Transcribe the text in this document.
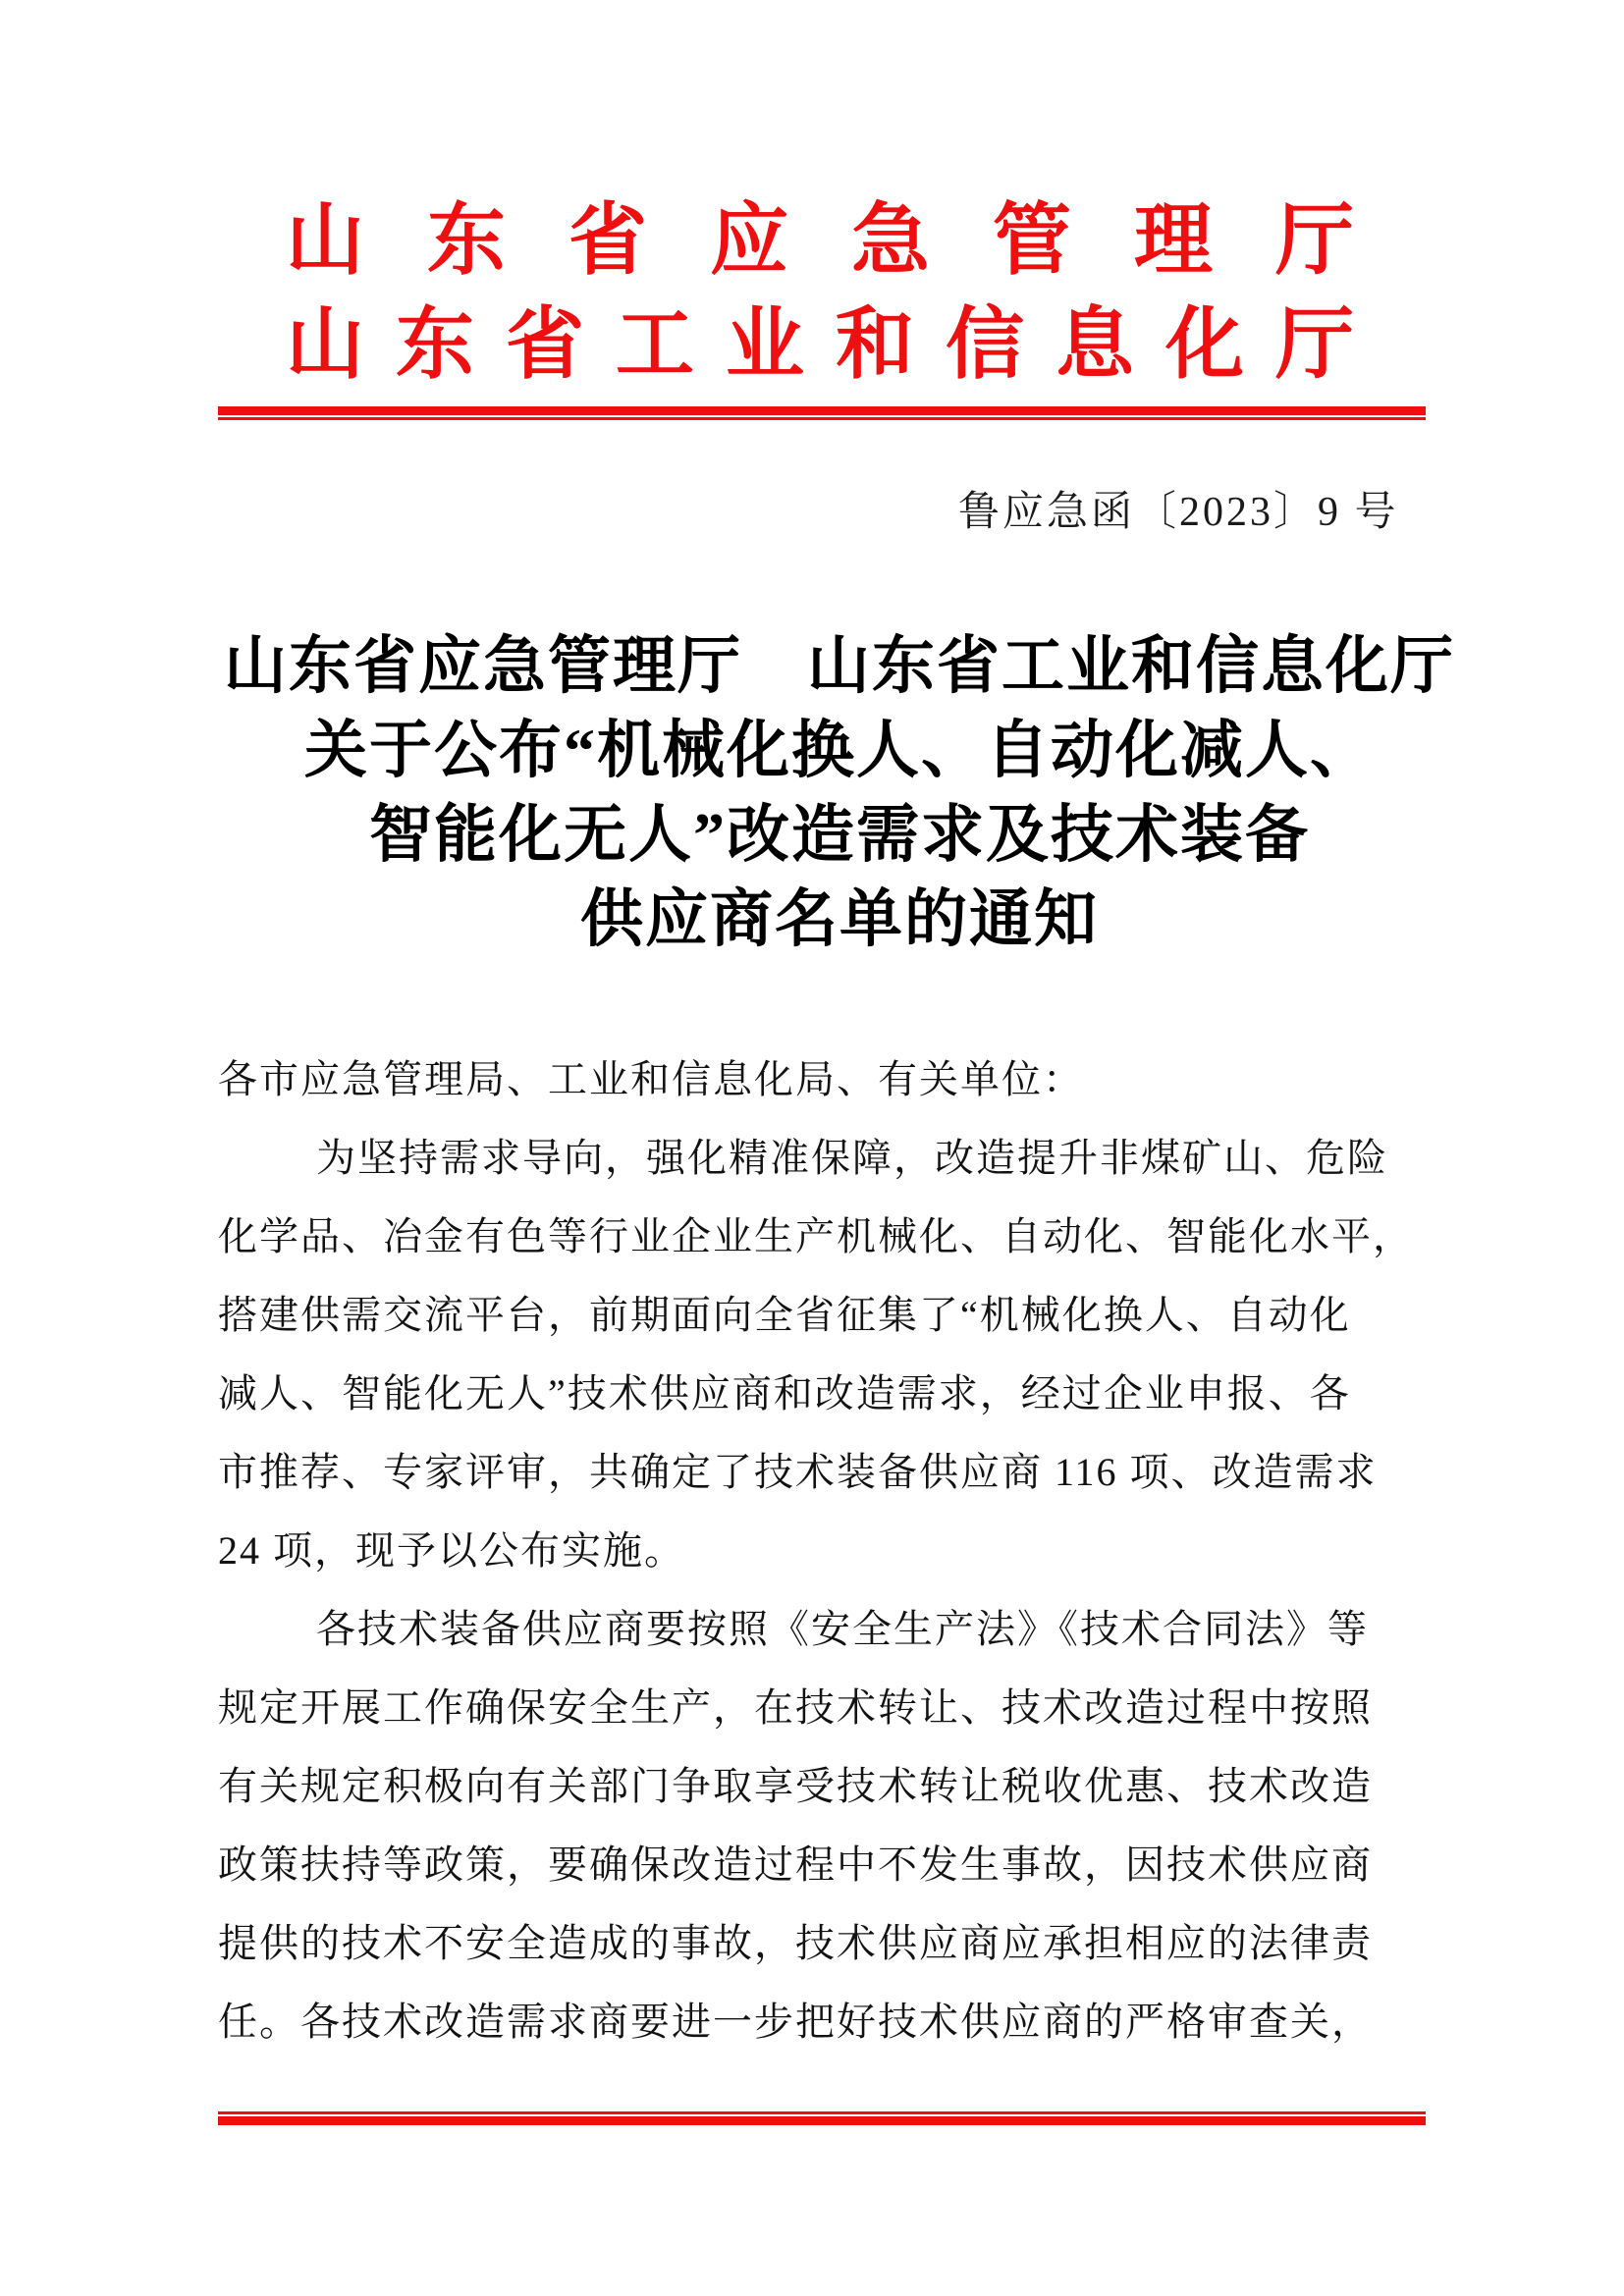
山东省应急管理厅
山东省工业和信息化厅
鲁应急函〔2023〕9 号
山东省应急管理厅　山东省工业和信息化厅
关于公布“机械化换人、自动化减人、
智能化无人”改造需求及技术装备
供应商名单的通知
各市应急管理局、工业和信息化局、有关单位：
为坚持需求导向，强化精准保障，改造提升非煤矿山、危险
化学品、冶金有色等行业企业生产机械化、自动化、智能化水平，
搭建供需交流平台，前期面向全省征集了“机械化换人、自动化
减人、智能化无人”技术供应商和改造需求，经过企业申报、各
市推荐、专家评审，共确定了技术装备供应商 116 项、改造需求
24 项，现予以公布实施。
各技术装备供应商要按照《安全生产法》《技术合同法》等
规定开展工作确保安全生产，在技术转让、技术改造过程中按照
有关规定积极向有关部门争取享受技术转让税收优惠、技术改造
政策扶持等政策，要确保改造过程中不发生事故，因技术供应商
提供的技术不安全造成的事故，技术供应商应承担相应的法律责
任。各技术改造需求商要进一步把好技术供应商的严格审查关，
